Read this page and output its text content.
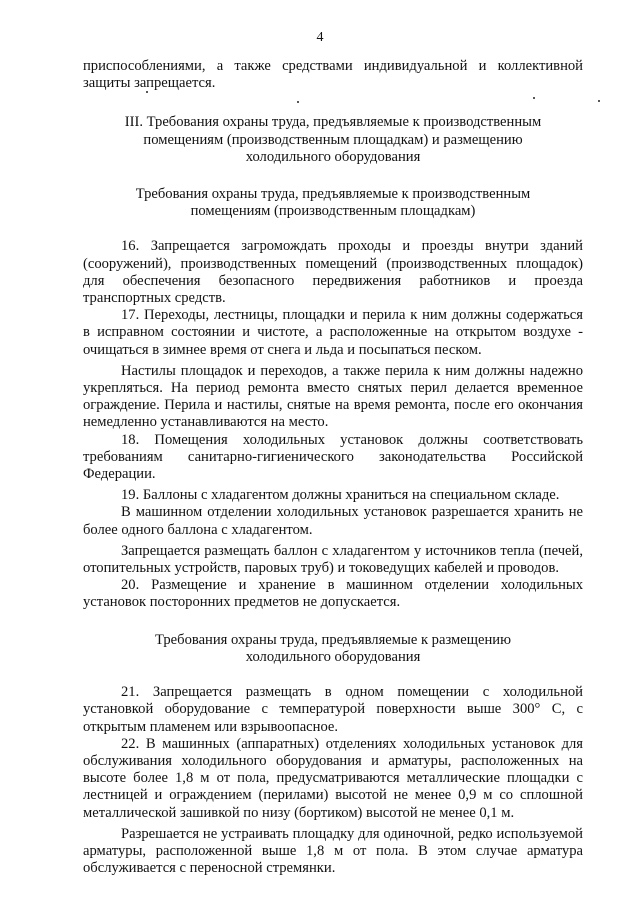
4

приспособлениями, а также средствами индивидуальной и коллективной защиты запрещается.

III. Требования охраны труда, предъявляемые к производственным помещениям (производственным площадкам) и размещению холодильного оборудования

Требования охраны труда, предъявляемые к производственным помещениям (производственным площадкам)

16. Запрещается загромождать проходы и проезды внутри зданий (сооружений), производственных помещений (производственных площадок) для обеспечения безопасного передвижения работников и проезда транспортных средств.

17. Переходы, лестницы, площадки и перила к ним должны содержаться в исправном состоянии и чистоте, а расположенные на открытом воздухе - очищаться в зимнее время от снега и льда и посыпаться песком.

Настилы площадок и переходов, а также перила к ним должны надежно укрепляться. На период ремонта вместо снятых перил делается временное ограждение. Перила и настилы, снятые на время ремонта, после его окончания немедленно устанавливаются на место.

18. Помещения холодильных установок должны соответствовать требованиям санитарно-гигиенического законодательства Российской Федерации.

19. Баллоны с хладагентом должны храниться на специальном складе.

В машинном отделении холодильных установок разрешается хранить не более одного баллона с хладагентом.

Запрещается размещать баллон с хладагентом у источников тепла (печей, отопительных устройств, паровых труб) и токоведущих кабелей и проводов.

20. Размещение и хранение в машинном отделении холодильных установок посторонних предметов не допускается.

Требования охраны труда, предъявляемые к размещению холодильного оборудования

21. Запрещается размещать в одном помещении с холодильной установкой оборудование с температурой поверхности выше 300° С, с открытым пламенем или взрывоопасное.

22. В машинных (аппаратных) отделениях холодильных установок для обслуживания холодильного оборудования и арматуры, расположенных на высоте более 1,8 м от пола, предусматриваются металлические площадки с лестницей и ограждением (перилами) высотой не менее 0,9 м со сплошной металлической зашивкой по низу (бортиком) высотой не менее 0,1 м.

Разрешается не устраивать площадку для одиночной, редко используемой арматуры, расположенной выше 1,8 м от пола. В этом случае арматура обслуживается с переносной стремянки.
